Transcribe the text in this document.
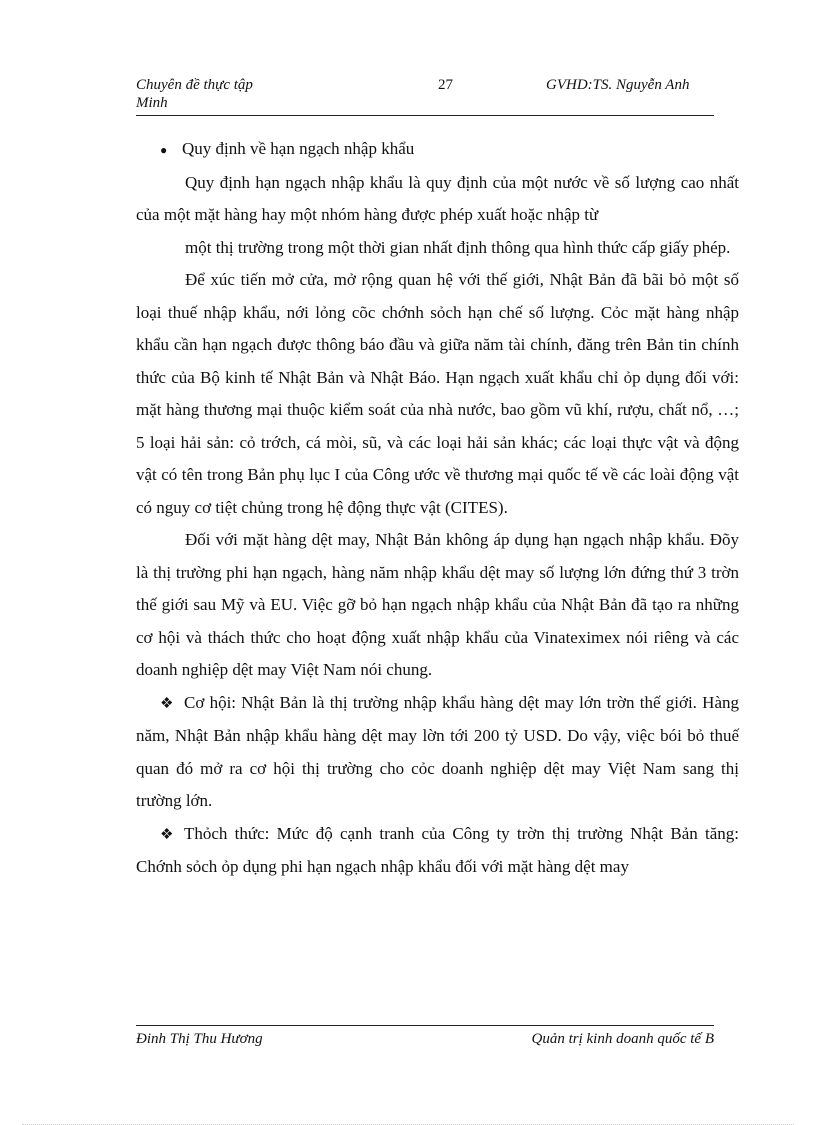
Chuyên đề thực tập Minh
27	GVHD:TS. Nguyễn Anh
● Quy định về hạn ngạch nhập khẩu

Quy định hạn ngạch nhập khẩu là quy định của một nước về số lượng cao nhất của một mặt hàng hay một nhóm hàng được phép xuất hoặc nhập từ

một thị trường trong một thời gian nhất định thông qua hình thức cấp giấy phép.

Để xúc tiến mở cửa, mở rộng quan hệ với thế giới, Nhật Bản đã bãi bỏ một số loại thuế nhập khẩu, nới lỏng cõc chớnh sỏch hạn chế số lượng. Cỏc mặt hàng nhập khẩu cần hạn ngạch được thông báo đầu và giữa năm tài chính, đăng trên Bản tin chính thức của Bộ kinh tế Nhật Bản và Nhật Báo. Hạn ngạch xuất khẩu chỉ ỏp dụng đối với: mặt hàng thương mại thuộc kiểm soát của nhà nước, bao gồm vũ khí, rượu, chất nổ, …; 5 loại hải sản: cỏ trớch, cá mòi, sũ, và các loại hải sản khác; các loại thực vật và động vật có tên trong Bản phụ lục I của Công ước về thương mại quốc tế về các loài động vật có nguy cơ tiệt chủng trong hệ động thực vật (CITES).

Đối với mặt hàng dệt may, Nhật Bản không áp dụng hạn ngạch nhập khẩu. Đõy là thị trường phi hạn ngạch, hàng năm nhập khẩu dệt may số lượng lớn đứng thứ 3 trờn thế giới sau Mỹ và EU. Việc gỡ bỏ hạn ngạch nhập khẩu của Nhật Bản đã tạo ra những cơ hội và thách thức cho hoạt động xuất nhập khẩu của Vinateximex nói riêng và các doanh nghiệp dệt may Việt Nam nói chung.

❖ Cơ hội: Nhật Bản là thị trường nhập khẩu hàng dệt may lớn trờn thế giới. Hàng năm, Nhật Bản nhập khẩu hàng dệt may lờn tới 200 tỷ USD. Do vậy, việc bói bỏ thuế quan đó mở ra cơ hội thị trường cho cỏc doanh nghiệp dệt may Việt Nam sang thị trường lớn.

❖ Thỏch thức: Mức độ cạnh tranh của Công ty trờn thị trường Nhật Bản tăng: Chớnh sỏch ỏp dụng phi hạn ngạch nhập khẩu đối với mặt hàng dệt may

Đinh Thị Thu Hương	Quản trị kinh doanh quốc tế B
